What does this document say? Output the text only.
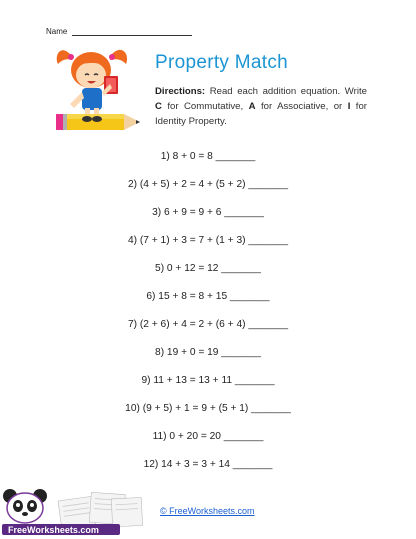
Name
Property Match
Directions: Read each addition equation. Write C for Commutative, A for Associative, or I for Identity Property.
1) 8 + 0 = 8 _______
2) (4 + 5) + 2 = 4 + (5 + 2) _______
3) 6 + 9 = 9 + 6 _______
4) (7 + 1) + 3 = 7 + (1 + 3) _______
5) 0 + 12 = 12 _______
6) 15 + 8 = 8 + 15 _______
7) (2 + 6) + 4 = 2 + (6 + 4) _______
8) 19 + 0 = 19 _______
9) 11 + 13 = 13 + 11 _______
10) (9 + 5) + 1 = 9 + (5 + 1) _______
11) 0 + 20 = 20 _______
12) 14 + 3 = 3 + 14 _______
FreeWorksheets.com
© FreeWorksheets.com
